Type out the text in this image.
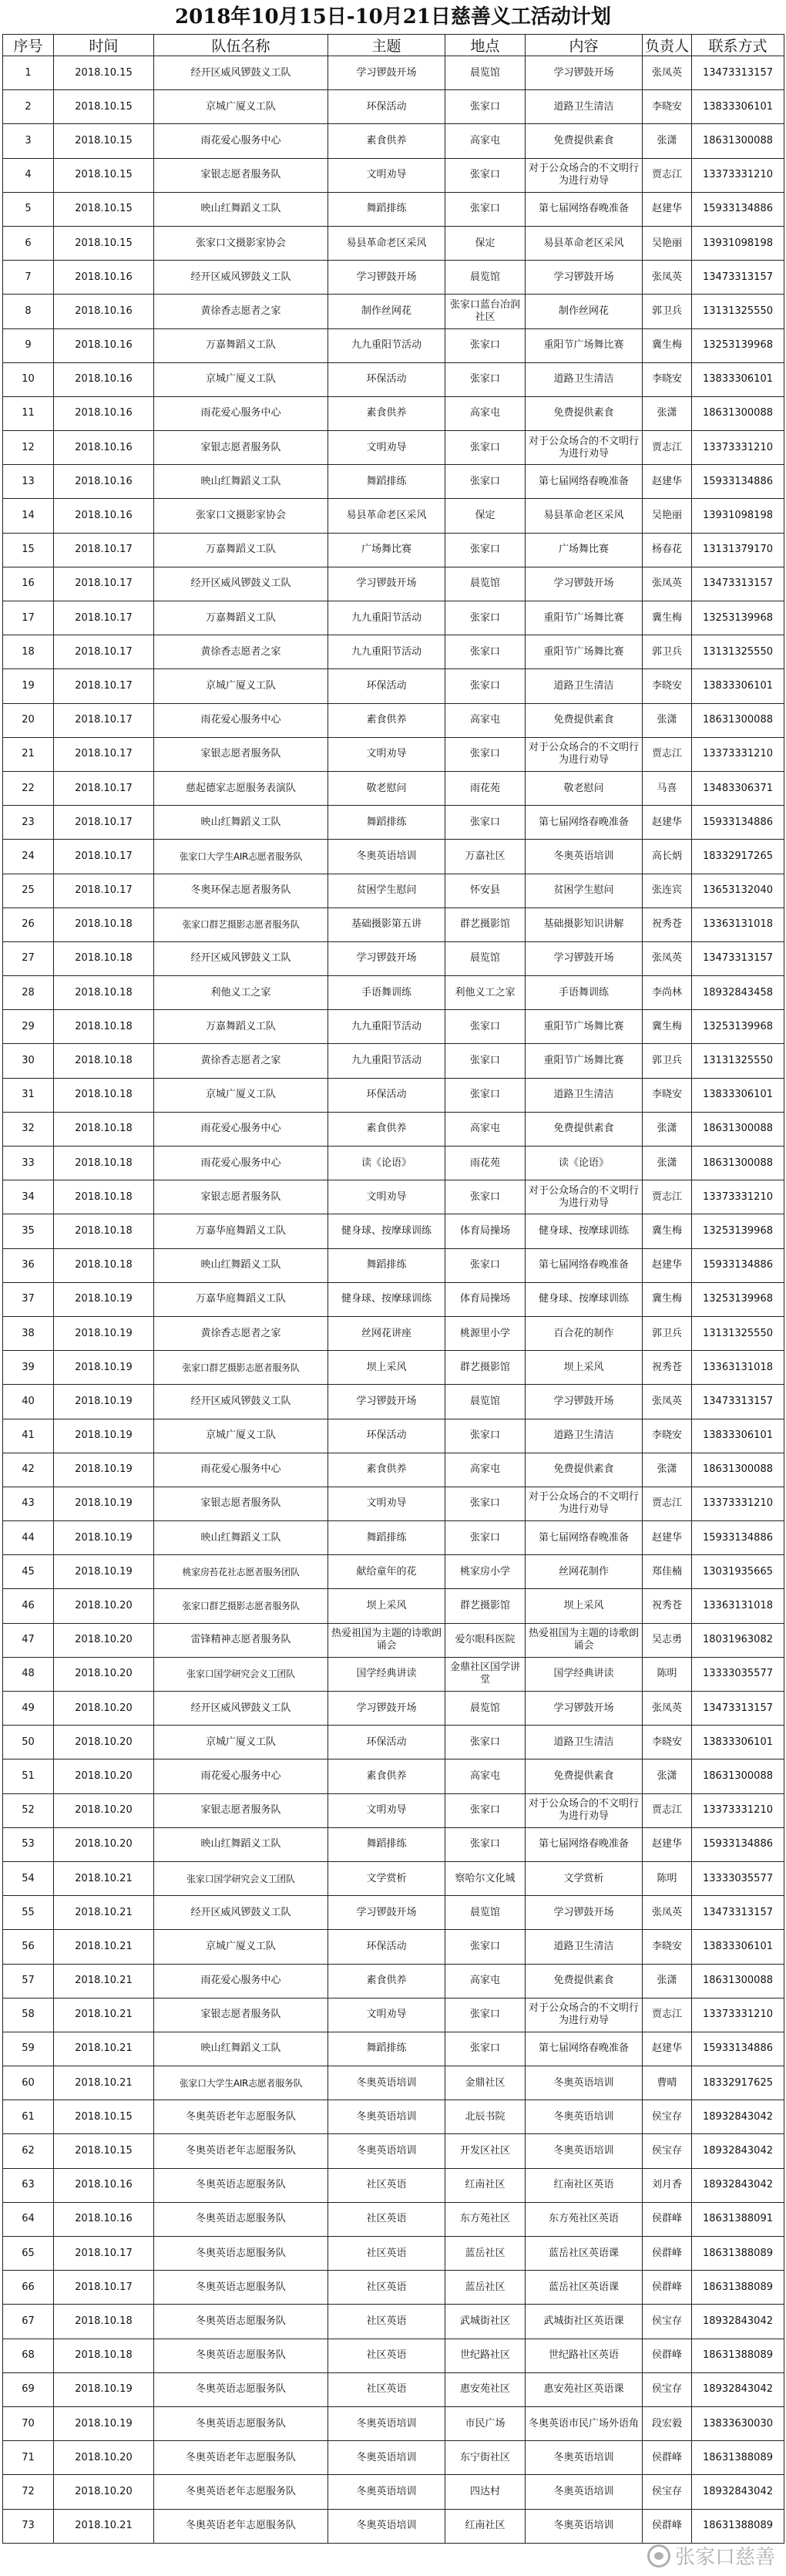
2018年10月15日-10月21日慈善义工活动计划
序号	时间	队伍名称	主题	地点	内容	负责人	联系方式
1	2018.10.15	经开区威风锣鼓义工队	学习锣鼓开场	晨览馆	学习锣鼓开场	张凤英	13473313157
2	2018.10.15	京城广厦义工队	环保活动	张家口	道路卫生清洁	李晓安	13833306101
3	2018.10.15	雨花爱心服务中心	素食供养	高家屯	免费提供素食	张潇	18631300088
4	2018.10.15	家银志愿者服务队	文明劝导	张家口	对于公众场合的不文明行为进行劝导	贾志江	13373331210
5	2018.10.15	映山红舞蹈义工队	舞蹈排练	张家口	第七届网络春晚准备	赵建华	15933134886
6	2018.10.15	张家口文摄影家协会	易县革命老区采风	保定	易县革命老区采风	吴艳丽	13931098198
7	2018.10.16	经开区威风锣鼓义工队	学习锣鼓开场	晨览馆	学习锣鼓开场	张凤英	13473313157
8	2018.10.16	黄徐香志愿者之家	制作丝网花	张家口蓝台冶润社区	制作丝网花	郭卫兵	13131325550
9	2018.10.16	万嘉舞蹈义工队	九九重阳节活动	张家口	重阳节广场舞比赛	冀生梅	13253139968
10	2018.10.16	京城广厦义工队	环保活动	张家口	道路卫生清洁	李晓安	13833306101
11	2018.10.16	雨花爱心服务中心	素食供养	高家屯	免费提供素食	张潇	18631300088
12	2018.10.16	家银志愿者服务队	文明劝导	张家口	对于公众场合的不文明行为进行劝导	贾志江	13373331210
13	2018.10.16	映山红舞蹈义工队	舞蹈排练	张家口	第七届网络春晚准备	赵建华	15933134886
14	2018.10.16	张家口文摄影家协会	易县革命老区采风	保定	易县革命老区采风	吴艳丽	13931098198
15	2018.10.17	万嘉舞蹈义工队	广场舞比赛	张家口	广场舞比赛	杨春花	13131379170
16	2018.10.17	经开区威风锣鼓义工队	学习锣鼓开场	晨览馆	学习锣鼓开场	张凤英	13473313157
17	2018.10.17	万嘉舞蹈义工队	九九重阳节活动	张家口	重阳节广场舞比赛	冀生梅	13253139968
18	2018.10.17	黄徐香志愿者之家	九九重阳节活动	张家口	重阳节广场舞比赛	郭卫兵	13131325550
19	2018.10.17	京城广厦义工队	环保活动	张家口	道路卫生清洁	李晓安	13833306101
20	2018.10.17	雨花爱心服务中心	素食供养	高家屯	免费提供素食	张潇	18631300088
21	2018.10.17	家银志愿者服务队	文明劝导	张家口	对于公众场合的不文明行为进行劝导	贾志江	13373331210
22	2018.10.17	慈起德家志愿服务表演队	敬老慰问	雨花苑	敬老慰问	马喜	13483306371
23	2018.10.17	映山红舞蹈义工队	舞蹈排练	张家口	第七届网络春晚准备	赵建华	15933134886
24	2018.10.17	张家口大学生AIR志愿者服务队	冬奥英语培训	万嘉社区	冬奥英语培训	高长炳	18332917265
25	2018.10.17	冬奥环保志愿者服务队	贫困学生慰问	怀安县	贫困学生慰问	张连宾	13653132040
26	2018.10.18	张家口群艺摄影志愿者服务队	基础摄影第五讲	群艺摄影馆	基础摄影知识讲解	祝秀苍	13363131018
27	2018.10.18	经开区威风锣鼓义工队	学习锣鼓开场	晨览馆	学习锣鼓开场	张凤英	13473313157
28	2018.10.18	利他义工之家	手语舞训练	利他义工之家	手语舞训练	李尚林	18932843458
29	2018.10.18	万嘉舞蹈义工队	九九重阳节活动	张家口	重阳节广场舞比赛	冀生梅	13253139968
30	2018.10.18	黄徐香志愿者之家	九九重阳节活动	张家口	重阳节广场舞比赛	郭卫兵	13131325550
31	2018.10.18	京城广厦义工队	环保活动	张家口	道路卫生清洁	李晓安	13833306101
32	2018.10.18	雨花爱心服务中心	素食供养	高家屯	免费提供素食	张潇	18631300088
33	2018.10.18	雨花爱心服务中心	读《论语》	雨花苑	读《论语》	张潇	18631300088
34	2018.10.18	家银志愿者服务队	文明劝导	张家口	对于公众场合的不文明行为进行劝导	贾志江	13373331210
35	2018.10.18	万嘉华庭舞蹈义工队	健身球、按摩球训练	体育局操场	健身球、按摩球训练	冀生梅	13253139968
36	2018.10.18	映山红舞蹈义工队	舞蹈排练	张家口	第七届网络春晚准备	赵建华	15933134886
37	2018.10.19	万嘉华庭舞蹈义工队	健身球、按摩球训练	体育局操场	健身球、按摩球训练	冀生梅	13253139968
38	2018.10.19	黄徐香志愿者之家	丝网花讲座	桃源里小学	百合花的制作	郭卫兵	13131325550
39	2018.10.19	张家口群艺摄影志愿者服务队	坝上采风	群艺摄影馆	坝上采风	祝秀苍	13363131018
40	2018.10.19	经开区威风锣鼓义工队	学习锣鼓开场	晨览馆	学习锣鼓开场	张凤英	13473313157
41	2018.10.19	京城广厦义工队	环保活动	张家口	道路卫生清洁	李晓安	13833306101
42	2018.10.19	雨花爱心服务中心	素食供养	高家屯	免费提供素食	张潇	18631300088
43	2018.10.19	家银志愿者服务队	文明劝导	张家口	对于公众场合的不文明行为进行劝导	贾志江	13373331210
44	2018.10.19	映山红舞蹈义工队	舞蹈排练	张家口	第七届网络春晚准备	赵建华	15933134886
45	2018.10.19	桃家房苔花社志愿者服务团队	献给童年的花	桃家房小学	丝网花制作	郑佳楠	13031935665
46	2018.10.20	张家口群艺摄影志愿者服务队	坝上采风	群艺摄影馆	坝上采风	祝秀苍	13363131018
47	2018.10.20	雷锋精神志愿者服务队	热爱祖国为主题的诗歌朗诵会	爱尔眼科医院	热爱祖国为主题的诗歌朗诵会	吴志勇	18031963082
48	2018.10.20	张家口国学研究会义工团队	国学经典讲读	金鼎社区国学讲堂	国学经典讲读	陈明	13333035577
49	2018.10.20	经开区威风锣鼓义工队	学习锣鼓开场	晨览馆	学习锣鼓开场	张凤英	13473313157
50	2018.10.20	京城广厦义工队	环保活动	张家口	道路卫生清洁	李晓安	13833306101
51	2018.10.20	雨花爱心服务中心	素食供养	高家屯	免费提供素食	张潇	18631300088
52	2018.10.20	家银志愿者服务队	文明劝导	张家口	对于公众场合的不文明行为进行劝导	贾志江	13373331210
53	2018.10.20	映山红舞蹈义工队	舞蹈排练	张家口	第七届网络春晚准备	赵建华	15933134886
54	2018.10.21	张家口国学研究会义工团队	文学赏析	察哈尔文化城	文学赏析	陈明	13333035577
55	2018.10.21	经开区威风锣鼓义工队	学习锣鼓开场	晨览馆	学习锣鼓开场	张凤英	13473313157
56	2018.10.21	京城广厦义工队	环保活动	张家口	道路卫生清洁	李晓安	13833306101
57	2018.10.21	雨花爱心服务中心	素食供养	高家屯	免费提供素食	张潇	18631300088
58	2018.10.21	家银志愿者服务队	文明劝导	张家口	对于公众场合的不文明行为进行劝导	贾志江	13373331210
59	2018.10.21	映山红舞蹈义工队	舞蹈排练	张家口	第七届网络春晚准备	赵建华	15933134886
60	2018.10.21	张家口大学生AIR志愿者服务队	冬奥英语培训	金鼎社区	冬奥英语培训	曹晴	18332917625
61	2018.10.15	冬奥英语老年志愿服务队	冬奥英语培训	北辰书院	冬奥英语培训	侯宝存	18932843042
62	2018.10.15	冬奥英语老年志愿服务队	冬奥英语培训	开发区社区	冬奥英语培训	侯宝存	18932843042
63	2018.10.16	冬奥英语志愿服务队	社区英语	红南社区	红南社区英语	刘月香	18932843042
64	2018.10.16	冬奥英语志愿服务队	社区英语	东方苑社区	东方苑社区英语	侯群峰	18631388091
65	2018.10.17	冬奥英语志愿服务队	社区英语	蓝岳社区	蓝岳社区英语课	侯群峰	18631388089
66	2018.10.17	冬奥英语志愿服务队	社区英语	蓝岳社区	蓝岳社区英语课	侯群峰	18631388089
67	2018.10.18	冬奥英语志愿服务队	社区英语	武城街社区	武城街社区英语课	侯宝存	18932843042
68	2018.10.18	冬奥英语志愿服务队	社区英语	世纪路社区	世纪路社区英语	侯群峰	18631388089
69	2018.10.19	冬奥英语志愿服务队	社区英语	惠安苑社区	惠安苑社区英语课	侯宝存	18932843042
70	2018.10.19	冬奥英语志愿服务队	冬奥英语培训	市民广场	冬奥英语市民广场外语角	段宏毅	13833630030
71	2018.10.20	冬奥英语老年志愿服务队	冬奥英语培训	东宁街社区	冬奥英语培训	侯群峰	18631388089
72	2018.10.20	冬奥英语老年志愿服务队	冬奥英语培训	四达村	冬奥英语培训	侯宝存	18932843042
73	2018.10.21	冬奥英语老年志愿服务队	冬奥英语培训	红南社区	冬奥英语培训	侯群峰	18631388089
张家口慈善
